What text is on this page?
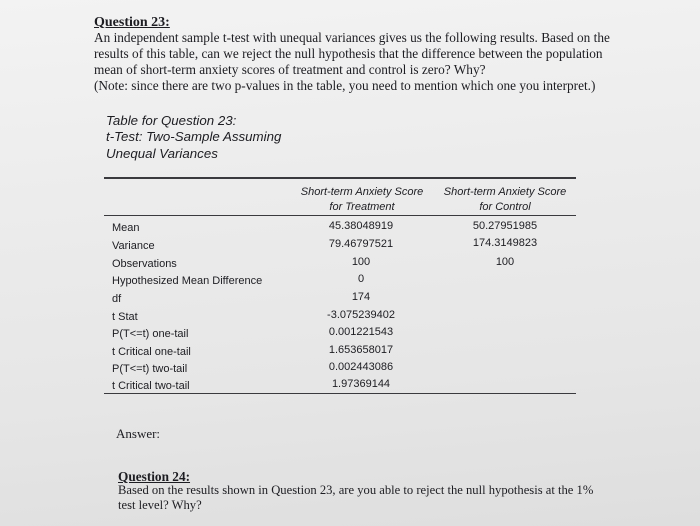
Question 23:
An independent sample t-test with unequal variances gives us the following results. Based on the
results of this table, can we reject the null hypothesis that the difference between the population
mean of short-term anxiety scores of treatment and control is zero? Why?
(Note: since there are two p-values in the table, you need to mention which one you interpret.)
Table for Question 23:
t-Test: Two-Sample Assuming
Unequal Variances
Short-term Anxiety Score
for Treatment
Short-term Anxiety Score
for Control
Mean	45.38048919	50.27951985
Variance	79.46797521	174.3149823
Observations	100	100
Hypothesized Mean Difference	0
df	174
t Stat	-3.075239402
P(T<=t) one-tail	0.001221543
t Critical one-tail	1.653658017
P(T<=t) two-tail	0.002443086
t Critical two-tail	1.97369144
Answer:
Question 24:
Based on the results shown in Question 23, are you able to reject the null hypothesis at the 1%
test level? Why?
